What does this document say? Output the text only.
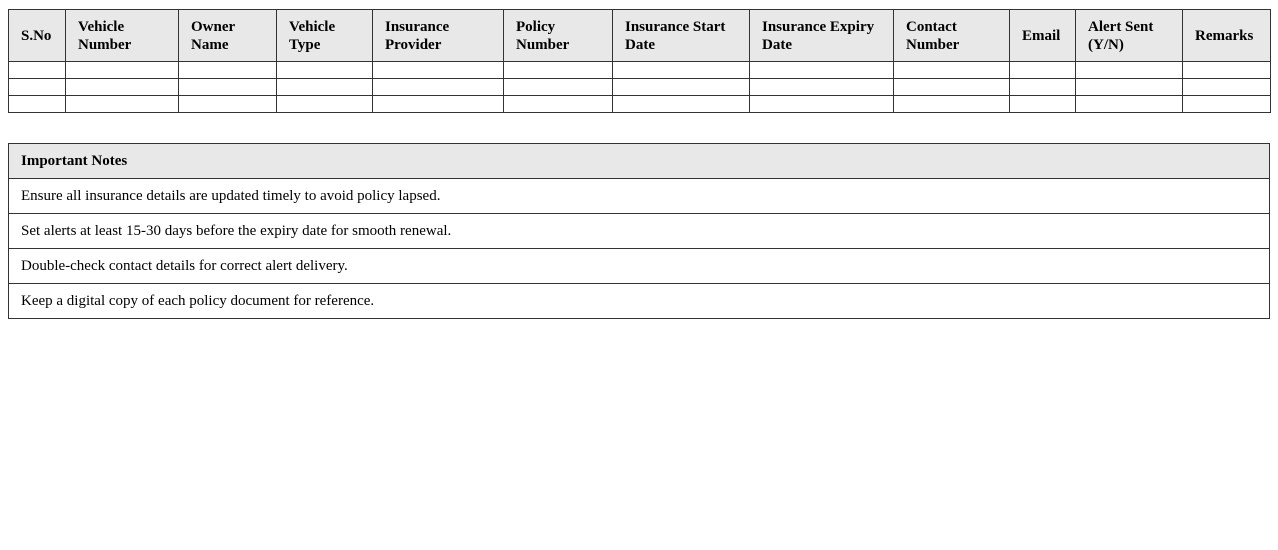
S.No	Vehicle Number	Owner Name	Vehicle Type	Insurance Provider	Policy Number	Insurance Start Date	Insurance Expiry Date	Contact Number	Email	Alert Sent (Y/N)	Remarks

Important Notes
Ensure all insurance details are updated timely to avoid policy lapsed.
Set alerts at least 15-30 days before the expiry date for smooth renewal.
Double-check contact details for correct alert delivery.
Keep a digital copy of each policy document for reference.
